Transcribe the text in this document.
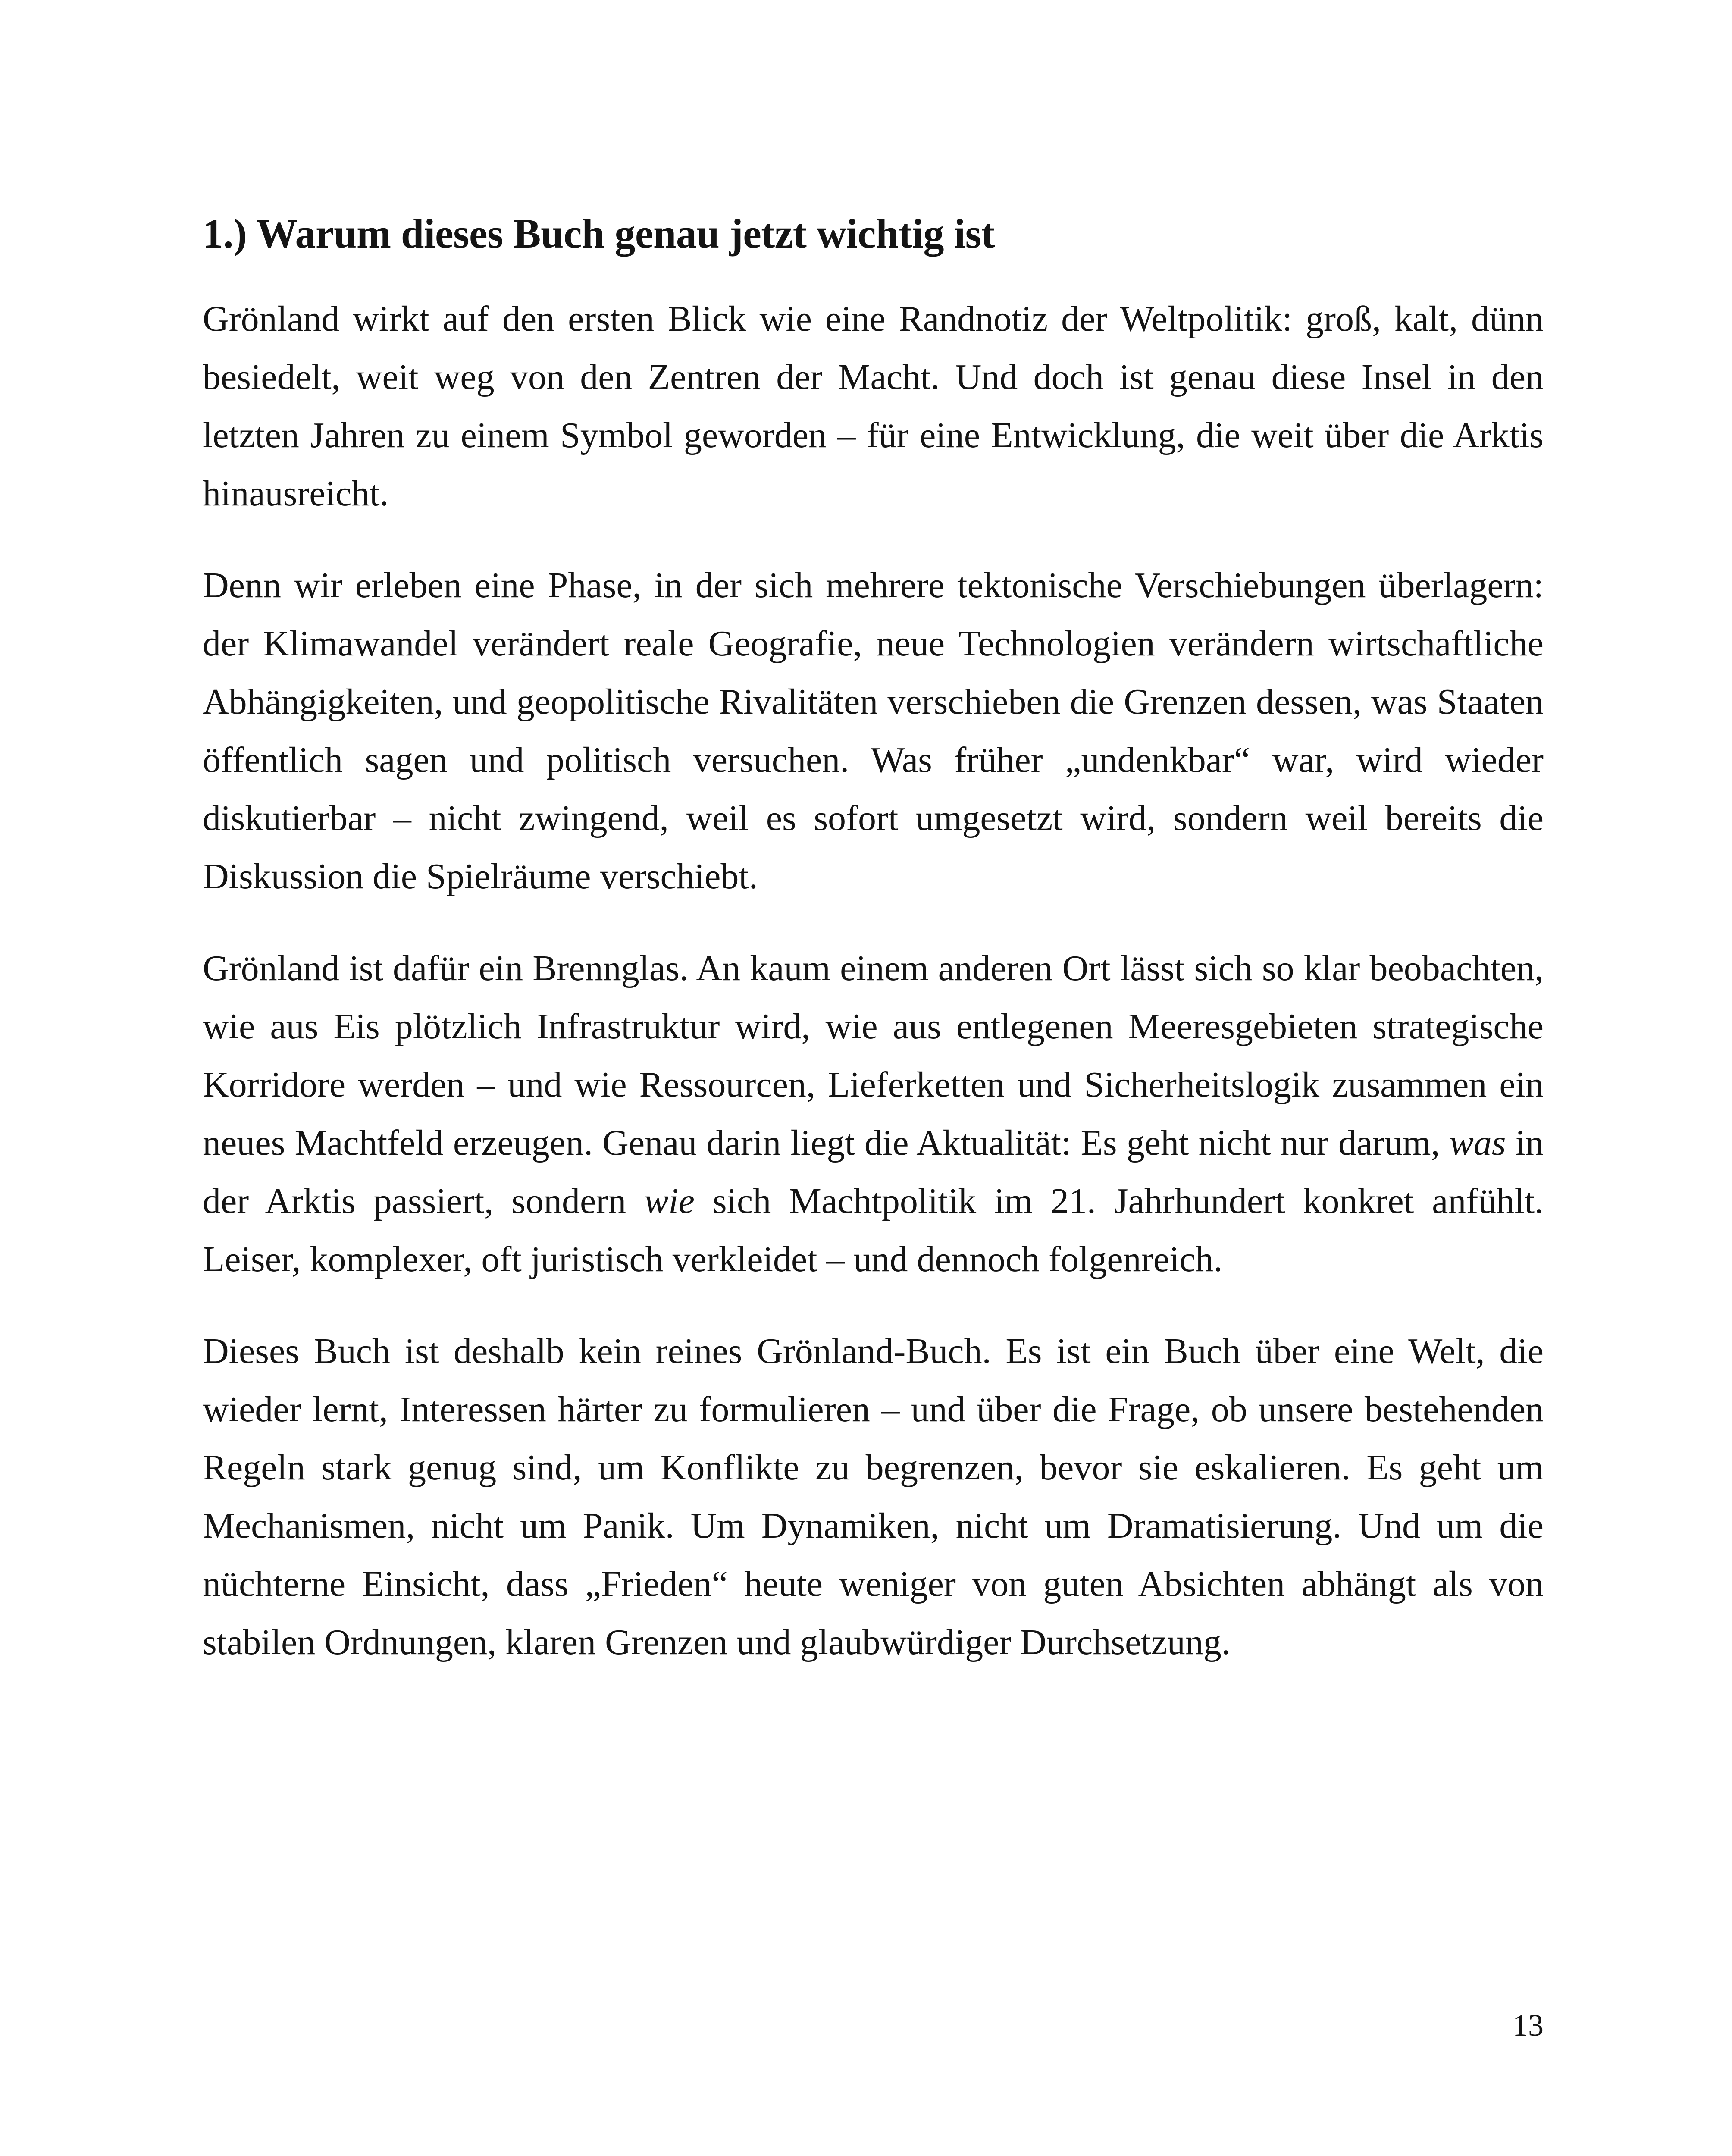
1.) Warum dieses Buch genau jetzt wichtig ist

Grönland wirkt auf den ersten Blick wie eine Randnotiz der Weltpolitik: groß, kalt, dünn besiedelt, weit weg von den Zentren der Macht. Und doch ist genau diese Insel in den letzten Jahren zu einem Symbol geworden – für eine Entwicklung, die weit über die Arktis hinausreicht.

Denn wir erleben eine Phase, in der sich mehrere tektonische Verschiebungen überlagern: der Klimawandel verändert reale Geografie, neue Technologien verändern wirtschaftliche Abhängigkeiten, und geopolitische Rivalitäten verschieben die Grenzen dessen, was Staaten öffentlich sagen und politisch versuchen. Was früher „undenkbar“ war, wird wieder diskutierbar – nicht zwingend, weil es sofort umgesetzt wird, sondern weil bereits die Diskussion die Spielräume verschiebt.

Grönland ist dafür ein Brennglas. An kaum einem anderen Ort lässt sich so klar beobachten, wie aus Eis plötzlich Infrastruktur wird, wie aus entlegenen Meeresgebieten strategische Korridore werden – und wie Ressourcen, Lieferketten und Sicherheitslogik zusammen ein neues Machtfeld erzeugen. Genau darin liegt die Aktualität: Es geht nicht nur darum, was in der Arktis passiert, sondern wie sich Machtpolitik im 21. Jahrhundert konkret anfühlt. Leiser, komplexer, oft juristisch verkleidet – und dennoch folgenreich.

Dieses Buch ist deshalb kein reines Grönland-Buch. Es ist ein Buch über eine Welt, die wieder lernt, Interessen härter zu formulieren – und über die Frage, ob unsere bestehenden Regeln stark genug sind, um Konflikte zu begrenzen, bevor sie eskalieren. Es geht um Mechanismen, nicht um Panik. Um Dynamiken, nicht um Dramatisierung. Und um die nüchterne Einsicht, dass „Frieden“ heute weniger von guten Absichten abhängt als von stabilen Ordnungen, klaren Grenzen und glaubwürdiger Durchsetzung.

13
